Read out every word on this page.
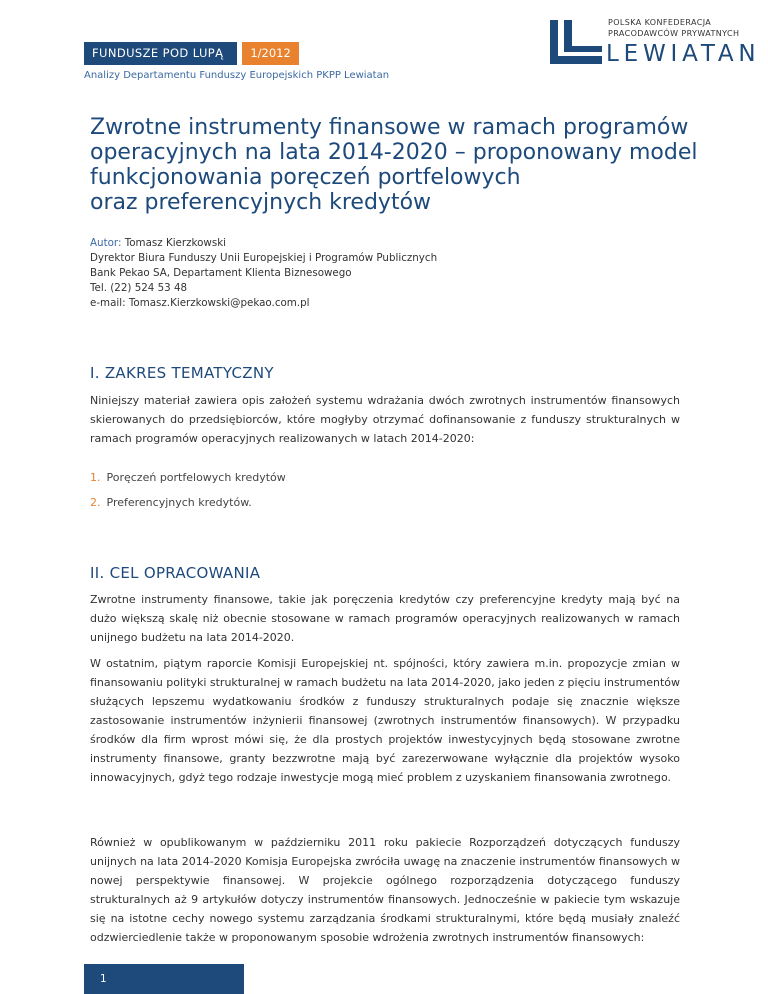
FUNDUSZE POD LUPĄ	1/2012
Analizy Departamentu Funduszy Europejskich PKPP Lewiatan
POLSKA KONFEDERACJA
PRACODAWCÓW PRYWATNYCH
LEWIATAN
Zwrotne instrumenty finansowe w ramach programów
operacyjnych na lata 2014-2020 – proponowany model
funkcjonowania poręczeń portfelowych
oraz preferencyjnych kredytów
Autor: Tomasz Kierzkowski
Dyrektor Biura Funduszy Unii Europejskiej i Programów Publicznych
Bank Pekao SA, Departament Klienta Biznesowego
Tel. (22) 524 53 48
e-mail: Tomasz.Kierzkowski@pekao.com.pl
I. ZAKRES TEMATYCZNY

Niniejszy materiał zawiera opis założeń systemu wdrażania dwóch zwrotnych instrumentów finansowych skierowanych do przedsiębiorców, które mogłyby otrzymać dofinansowanie z funduszy strukturalnych w ramach programów operacyjnych realizowanych w latach 2014-2020:

1. Poręczeń portfelowych kredytów
2. Preferencyjnych kredytów.
II. CEL OPRACOWANIA

Zwrotne instrumenty finansowe, takie jak poręczenia kredytów czy preferencyjne kredyty mają być na dużo większą skalę niż obecnie stosowane w ramach programów operacyjnych realizowanych w ramach unijnego budżetu na lata 2014-2020.

W ostatnim, piątym raporcie Komisji Europejskiej nt. spójności, który zawiera m.in. propozycje zmian w finansowaniu polityki strukturalnej w ramach budżetu na lata 2014-2020, jako jeden z pięciu instrumentów służących lepszemu wydatkowaniu środków z funduszy strukturalnych podaje się znacznie większe zastosowanie instrumentów inżynierii finansowej (zwrotnych instrumentów finansowych). W przypadku środków dla firm wprost mówi się, że dla prostych projektów inwestycyjnych będą stosowane zwrotne instrumenty finansowe, granty bezzwrotne mają być zarezerwowane wyłącznie dla projektów wysoko innowacyjnych, gdyż tego rodzaje inwestycje mogą mieć problem z uzyskaniem finansowania zwrotnego.

Również w opublikowanym w październiku 2011 roku pakiecie Rozporządzeń dotyczących funduszy unijnych na lata 2014-2020 Komisja Europejska zwróciła uwagę na znaczenie instrumentów finansowych w nowej perspektywie finansowej. W projekcie ogólnego rozporządzenia dotyczącego funduszy strukturalnych aż 9 artykułów dotyczy instrumentów finansowych. Jednocześnie w pakiecie tym wskazuje się na istotne cechy nowego systemu zarządzania środkami strukturalnymi, które będą musiały znaleźć odzwierciedlenie także w proponowanym sposobie wdrożenia zwrotnych instrumentów finansowych:

1
